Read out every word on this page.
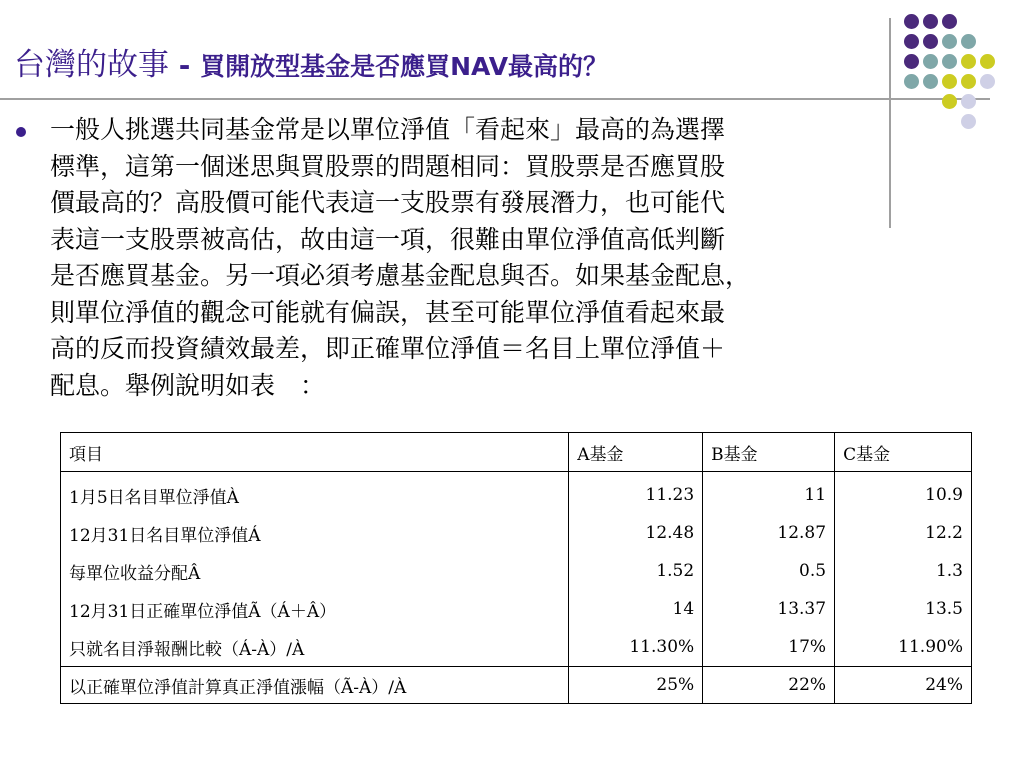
台灣的故事 - 買開放型基金是否應買NAV最高的？
一般人挑選共同基金常是以單位淨值「看起來」最高的為選擇
標準，這第一個迷思與買股票的問題相同：買股票是否應買股
價最高的？高股價可能代表這一支股票有發展潛力，也可能代
表這一支股票被高估，故由這一項，很難由單位淨值高低判斷
是否應買基金。另一項必須考慮基金配息與否。如果基金配息，
則單位淨值的觀念可能就有偏誤，甚至可能單位淨值看起來最
高的反而投資績效最差，即正確單位淨值＝名目上單位淨值＋
配息。舉例說明如表　：
項目	A基金	B基金	C基金
1月5日名目單位淨值À	11.23	11	10.9
12月31日名目單位淨值Á	12.48	12.87	12.2
每單位收益分配Â	1.52	0.5	1.3
12月31日正確單位淨值Ã（Á＋Â）	14	13.37	13.5
只就名目淨報酬比較（Á-À）/À	11.30%	17%	11.90%
以正確單位淨值計算真正淨值漲幅（Ã-À）/À	25%	22%	24%
